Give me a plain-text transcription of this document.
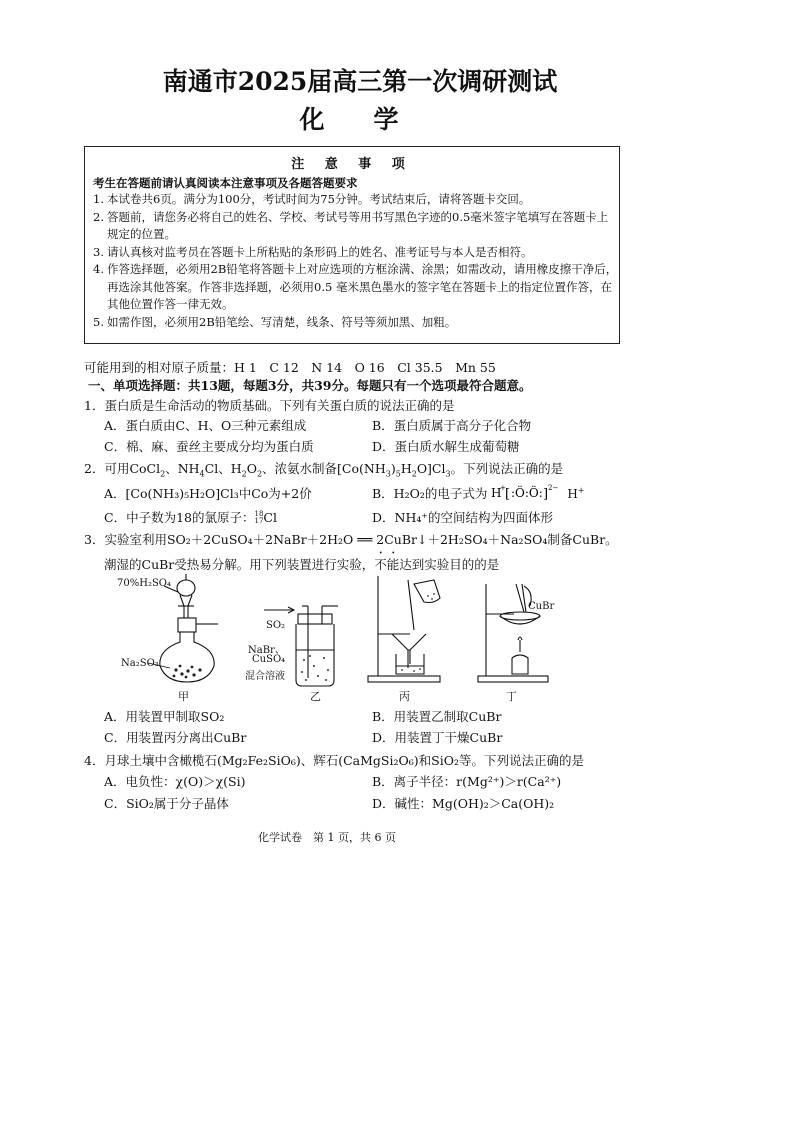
南通市2025届高三第一次调研测试
化　学
注 意 事 项
考生在答题前请认真阅读本注意事项及各题答题要求
1. 本试卷共6页。满分为100分，考试时间为75分钟。考试结束后，请将答题卡交回。
2. 答题前，请您务必将自己的姓名、学校、考试号等用书写黑色字迹的0.5毫米签字笔填写在答题卡上规定的位置。
3. 请认真核对监考员在答题卡上所粘贴的条形码上的姓名、准考证号与本人是否相符。
4. 作答选择题，必须用2B铅笔将答题卡上对应选项的方框涂满、涂黑；如需改动，请用橡皮擦干净后，再选涂其他答案。作答非选择题，必须用0.5 毫米黑色墨水的签字笔在答题卡上的指定位置作答，在其他位置作答一律无效。
5. 如需作图，必须用2B铅笔绘、写清楚，线条、符号等须加黑、加粗。
可能用到的相对原子质量：H 1　C 12　N 14　O 16　Cl 35.5　Mn 55
一、单项选择题：共13题，每题3分，共39分。每题只有一个选项最符合题意。
1．蛋白质是生命活动的物质基础。下列有关蛋白质的说法正确的是
A．蛋白质由C、H、O三种元素组成	B．蛋白质属于高分子化合物
C．棉、麻、蚕丝主要成分均为蛋白质	D．蛋白质水解生成葡萄糖
2．可用CoCl$_2$、$NH_4Cl$、$H_2O_2$、浓氨水制备$[Co(NH_3)_5H_2O]Cl_3$。下列说法正确的是
A．[Co(NH₃)₅H₂O]Cl₃中Co为+2价	B．H₂O₂的电子式为 H
+ [ :Ö:Ö: ] 2− H+
C．中子数为18的氯原子：18
17Cl	D．NH₄⁺的空间结构为四面体形
3．实验室利用SO₂＋2CuSO₄＋2NaBr＋2H₂O ══ 2CuBr↓＋2H₂SO₄＋Na₂SO₄制备CuBr。
潮湿的CuBr受热易分解。用下列装置进行实验，不能达到实验目的的是
70%H₂SO₄
Na₂SO₃
SO₂
NaBr、
CuSO₄
混合溶液
CuBr
甲	乙	丙	丁
A．用装置甲制取SO₂	B．用装置乙制取CuBr
C．用装置丙分离出CuBr	D．用装置丁干燥CuBr
4．月球土壤中含橄榄石(Mg₂Fe₂SiO₆)、辉石(CaMgSi₂O₆)和SiO₂等。下列说法正确的是
A．电负性：χ(O)＞χ(Si)	B．离子半径：r(Mg²⁺)＞r(Ca²⁺)
C．SiO₂属于分子晶体	D．碱性：Mg(OH)₂＞Ca(OH)₂
化学试卷　第 1 页，共 6 页
